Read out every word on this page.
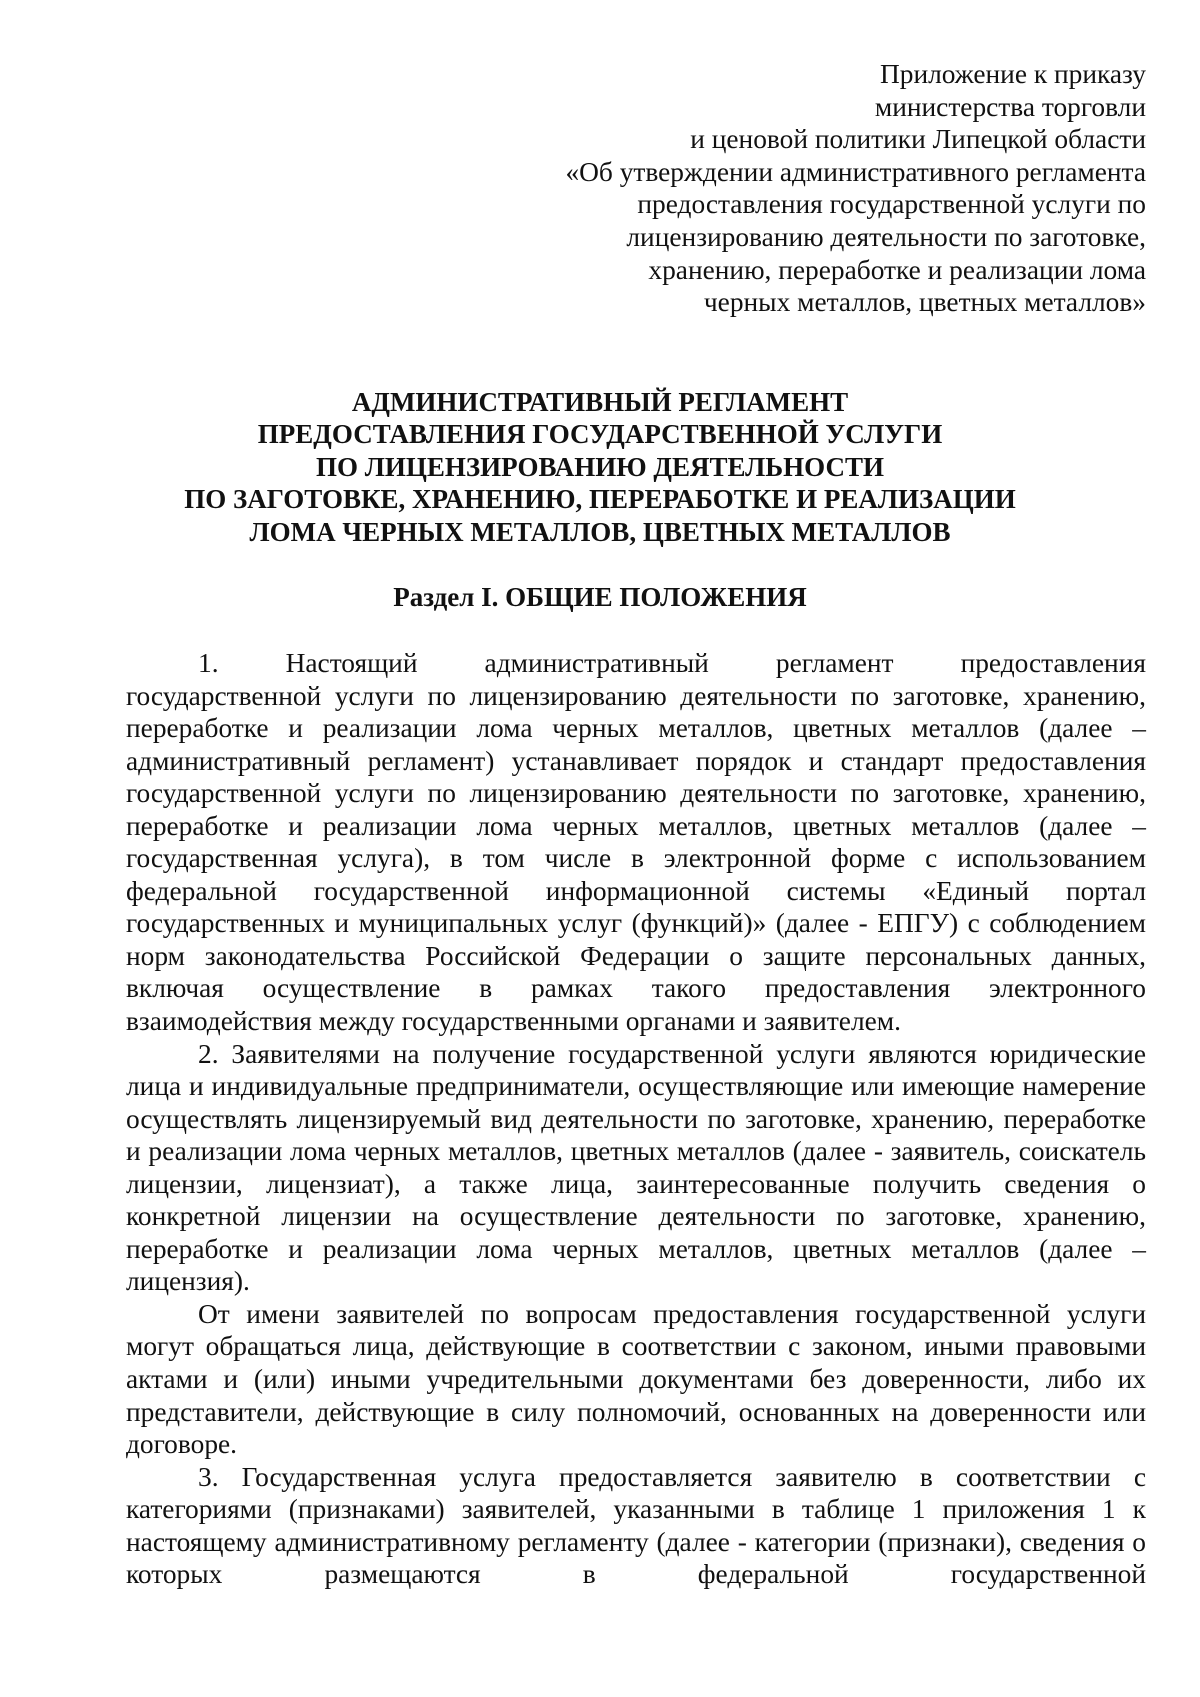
Приложение к приказу
министерства торговли
и ценовой политики Липецкой области
«Об утверждении административного регламента
предоставления государственной услуги по
лицензированию деятельности по заготовке,
хранению, переработке и реализации лома
черных металлов, цветных металлов»
АДМИНИСТРАТИВНЫЙ РЕГЛАМЕНТ
ПРЕДОСТАВЛЕНИЯ ГОСУДАРСТВЕННОЙ УСЛУГИ
ПО ЛИЦЕНЗИРОВАНИЮ ДЕЯТЕЛЬНОСТИ
ПО ЗАГОТОВКЕ, ХРАНЕНИЮ, ПЕРЕРАБОТКЕ И РЕАЛИЗАЦИИ
ЛОМА ЧЕРНЫХ МЕТАЛЛОВ, ЦВЕТНЫХ МЕТАЛЛОВ
Раздел I. ОБЩИЕ ПОЛОЖЕНИЯ
1. Настоящий административный регламент предоставления

государственной услуги по лицензированию деятельности по заготовке, хранению, переработке и реализации лома черных металлов, цветных металлов (далее – административный регламент) устанавливает порядок и стандарт предоставления государственной услуги по лицензированию деятельности по заготовке, хранению, переработке и реализации лома черных металлов, цветных металлов (далее – государственная услуга), в том числе в электронной форме с использованием федеральной государственной информационной системы «Единый портал государственных и муниципальных услуг (функций)» (далее - ЕПГУ) с соблюдением норм законодательства Российской Федерации о защите персональных данных, включая осуществление в рамках такого предоставления электронного взаимодействия между государственными органами и заявителем.

2. Заявителями на получение государственной услуги являются юридические лица и индивидуальные предприниматели, осуществляющие или имеющие намерение осуществлять лицензируемый вид деятельности по заготовке, хранению, переработке и реализации лома черных металлов, цветных металлов (далее - заявитель, соискатель лицензии, лицензиат), а также лица, заинтересованные получить сведения о конкретной лицензии на осуществление деятельности по заготовке, хранению, переработке и реализации лома черных металлов, цветных металлов (далее – лицензия).

От имени заявителей по вопросам предоставления государственной услуги могут обращаться лица, действующие в соответствии с законом, иными правовыми актами и (или) иными учредительными документами без доверенности, либо их представители, действующие в силу полномочий, основанных на доверенности или договоре.

3. Государственная услуга предоставляется заявителю в соответствии с категориями (признаками) заявителей, указанными в таблице 1 приложения 1 к настоящему административному регламенту (далее - категории (признаки), сведения о которых размещаются в федеральной государственной
